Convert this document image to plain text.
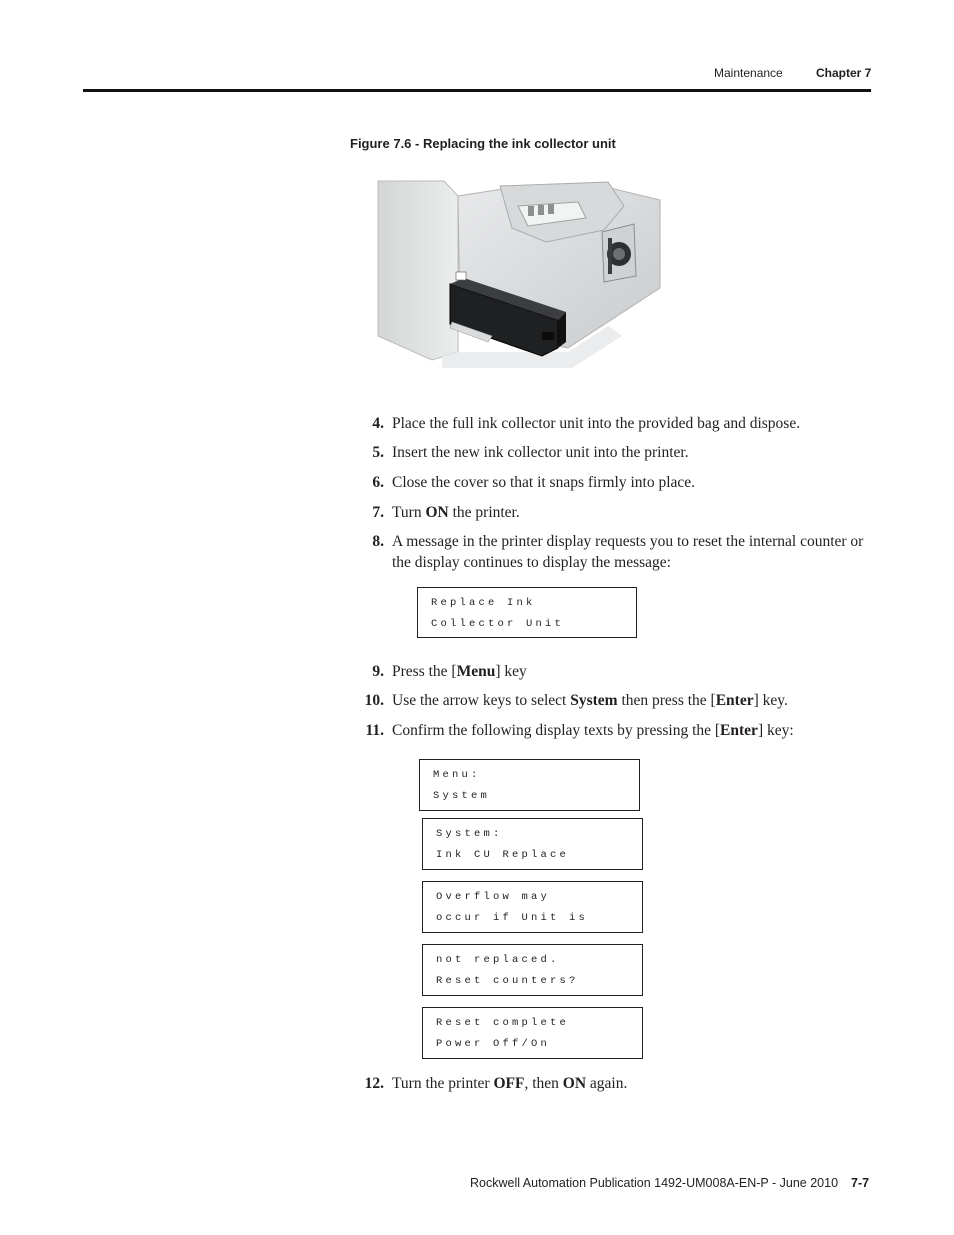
Maintenance	Chapter 7
Figure 7.6 - Replacing the ink collector unit
4. Place the full ink collector unit into the provided bag and dispose.
5. Insert the new ink collector unit into the printer.
6. Close the cover so that it snaps firmly into place.
7. Turn ON the printer.
8. A message in the printer display requests you to reset the internal counter or the display continues to display the message:
Replace Ink
Collector Unit
9. Press the [Menu] key
10. Use the arrow keys to select System then press the [Enter] key.
11. Confirm the following display texts by pressing the [Enter] key:
Menu:
System
System:
Ink CU Replace
Overflow may
occur if Unit is
not replaced.
Reset counters?
Reset complete
Power Off/On
12. Turn the printer OFF, then ON again.
Rockwell Automation Publication 1492-UM008A-EN-P - June 2010 7-7
